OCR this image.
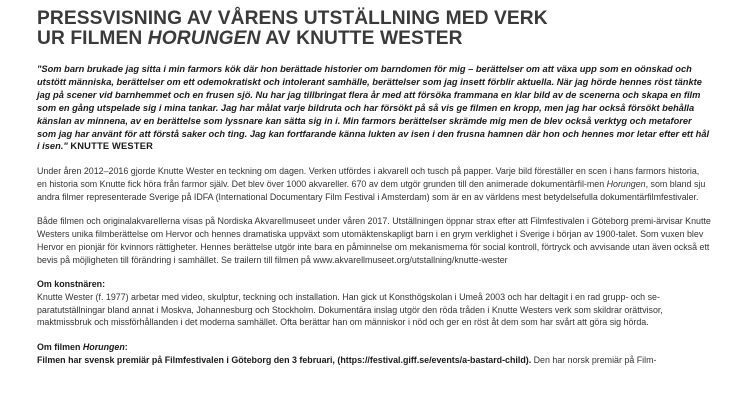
PRESSVISNING AV VÅRENS UTSTÄLLNING MED VERK
UR FILMEN HORUNGEN AV KNUTTE WESTER
"Som barn brukade jag sitta i min farmors kök där hon berättade historier om barndomen för mig – berättelser om att växa upp som en oönskad och utstött människa, berättelser om ett odemokratiskt och intolerant samhälle, berättelser som jag insett förblir aktuella. När jag hörde hennes röst tänkte jag på scener vid barnhemmet och en frusen sjö. Nu har jag tillbringat flera år med att försöka frammana en klar bild av de scenerna och skapa en film som en gång utspelade sig i mina tankar. Jag har målat varje bildruta och har försökt på så vis ge filmen en kropp, men jag har också försökt behålla känslan av minnena, av en berättelse som lyssnare kan sätta sig in i. Min farmors berättelser skrämde mig men de blev också verktyg och metaforer som jag har använt för att förstå saker och ting. Jag kan fortfarande känna lukten av isen i den frusna hamnen där hon och hennes mor letar efter ett hål i isen." KNUTTE WESTER
Under åren 2012–2016 gjorde Knutte Wester en teckning om dagen. Verken utfördes i akvarell och tusch på papper. Varje bild föreställer en scen i hans farmors historia, en historia som Knutte fick höra från farmor själv. Det blev över 1000 akvareller. 670 av dem utgör grunden till den animerade dokumentärfil-men Horungen, som bland sju andra filmer representerade Sverige på IDFA (International Documentary Film Festival i Amsterdam) som är en av världens mest betydelsefulla dokumentärfilmfestivaler.
Både filmen och originalakvarellerna visas på Nordiska Akvarellmuseet under våren 2017. Utställningen öppnar strax efter att Filmfestivalen i Göteborg premi-ärvisar Knutte Westers unika filmberättelse om Hervor och hennes dramatiska uppväxt som utomäktenskapligt barn i en grym verklighet i Sverige i början av 1900-talet. Som vuxen blev Hervor en pionjär för kvinnors rättigheter. Hennes berättelse utgör inte bara en påminnelse om mekanismerna för social kontroll, förtryck och avvisande utan även också ett bevis på möjligheten till förändring i samhället. Se trailern till filmen på www.akvarellmuseet.org/utstallning/knutte-wester
Om konstnären:
Knutte Wester (f. 1977) arbetar med video, skulptur, teckning och installation. Han gick ut Konsthögskolan i Umeå 2003 och har deltagit i en rad grupp- och se-paratutställningar bland annat i Moskva, Johannesburg och Stockholm. Dokumentära inslag utgör den röda tråden i Knutte Westers verk som skildrar orättvisor, maktmissbruk och missförhållanden i det moderna samhället. Ofta berättar han om människor i nöd och ger en röst åt dem som har svårt att göra sig hörda.
Om filmen Horungen:
Filmen har svensk premiär på Filmfestivalen i Göteborg den 3 februari, (https://festival.giff.se/events/a-bastard-child). Den har norsk premiär på Film-
